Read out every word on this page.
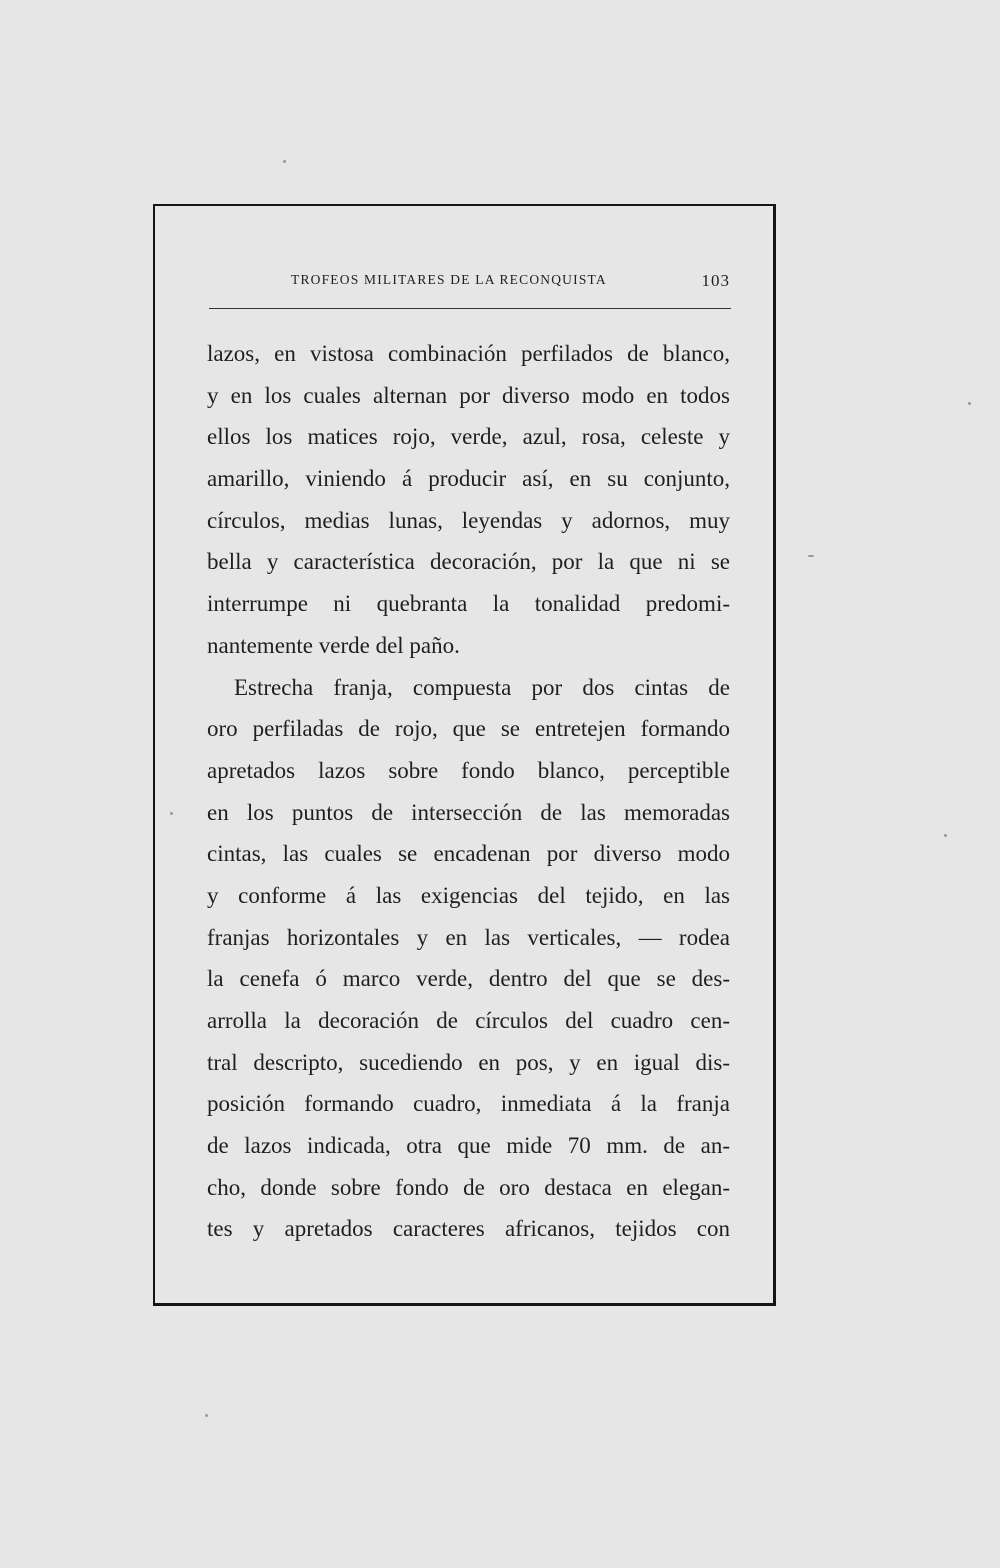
TROFEOS MILITARES DE LA RECONQUISTA	103
lazos, en vistosa combinación perfilados de blanco,
y en los cuales alternan por diverso modo en todos
ellos los matices rojo, verde, azul, rosa, celeste y
amarillo, viniendo á producir así, en su conjunto,
círculos, medias lunas, leyendas y adornos, muy
bella y característica decoración, por la que ni se
interrumpe ni quebranta la tonalidad predomi-
nantemente verde del paño.
Estrecha franja, compuesta por dos cintas de
oro perfiladas de rojo, que se entretejen formando
apretados lazos sobre fondo blanco, perceptible
en los puntos de intersección de las memoradas
cintas, las cuales se encadenan por diverso modo
y conforme á las exigencias del tejido, en las
franjas horizontales y en las verticales, — rodea
la cenefa ó marco verde, dentro del que se des-
arrolla la decoración de círculos del cuadro cen-
tral descripto, sucediendo en pos, y en igual dis-
posición formando cuadro, inmediata á la franja
de lazos indicada, otra que mide 70 mm. de an-
cho, donde sobre fondo de oro destaca en elegan-
tes y apretados caracteres africanos, tejidos con
